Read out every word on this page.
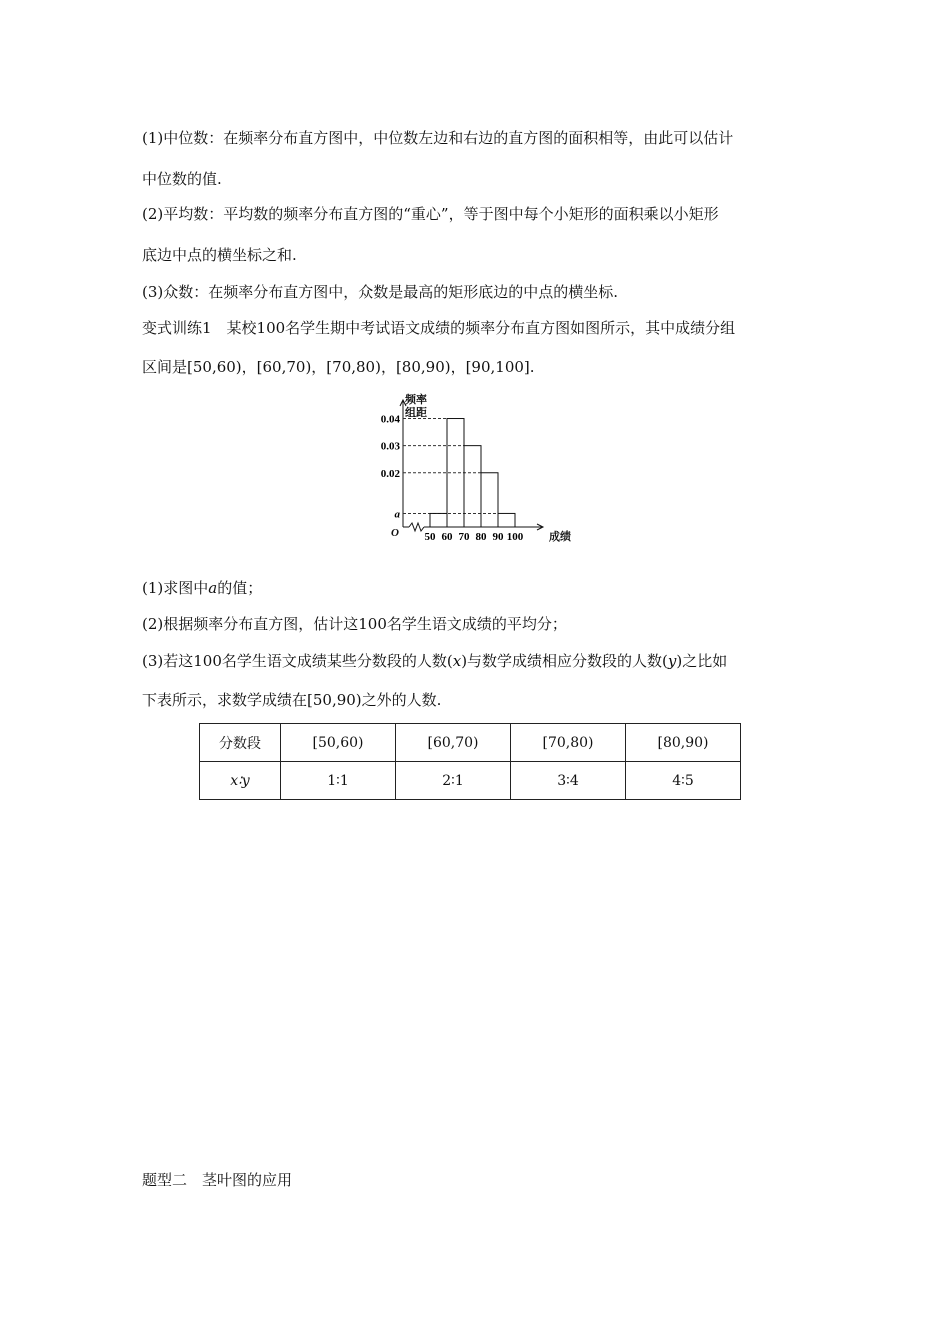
(1)中位数：在频率分布直方图中，中位数左边和右边的直方图的面积相等，由此可以估计
中位数的值.
(2)平均数：平均数的频率分布直方图的“重心”，等于图中每个小矩形的面积乘以小矩形
底边中点的横坐标之和.
(3)众数：在频率分布直方图中，众数是最高的矩形底边的中点的横坐标.
变式训练1　某校100名学生期中考试语文成绩的频率分布直方图如图所示，其中成绩分组
区间是[50,60)，[60,70)，[70,80)，[80,90)，[90,100].
频率
组距
成绩
O
a
0.02
0.03
0.04
50 60 70 80 90 100
(1)求图中a的值；
(2)根据频率分布直方图，估计这100名学生语文成绩的平均分；
(3)若这100名学生语文成绩某些分数段的人数(x)与数学成绩相应分数段的人数(y)之比如
下表所示，求数学成绩在[50,90)之外的人数.
分数段	[50,60)	[60,70)	[70,80)	[80,90)
x∶y	1∶1	2∶1	3∶4	4∶5
题型二　茎叶图的应用
